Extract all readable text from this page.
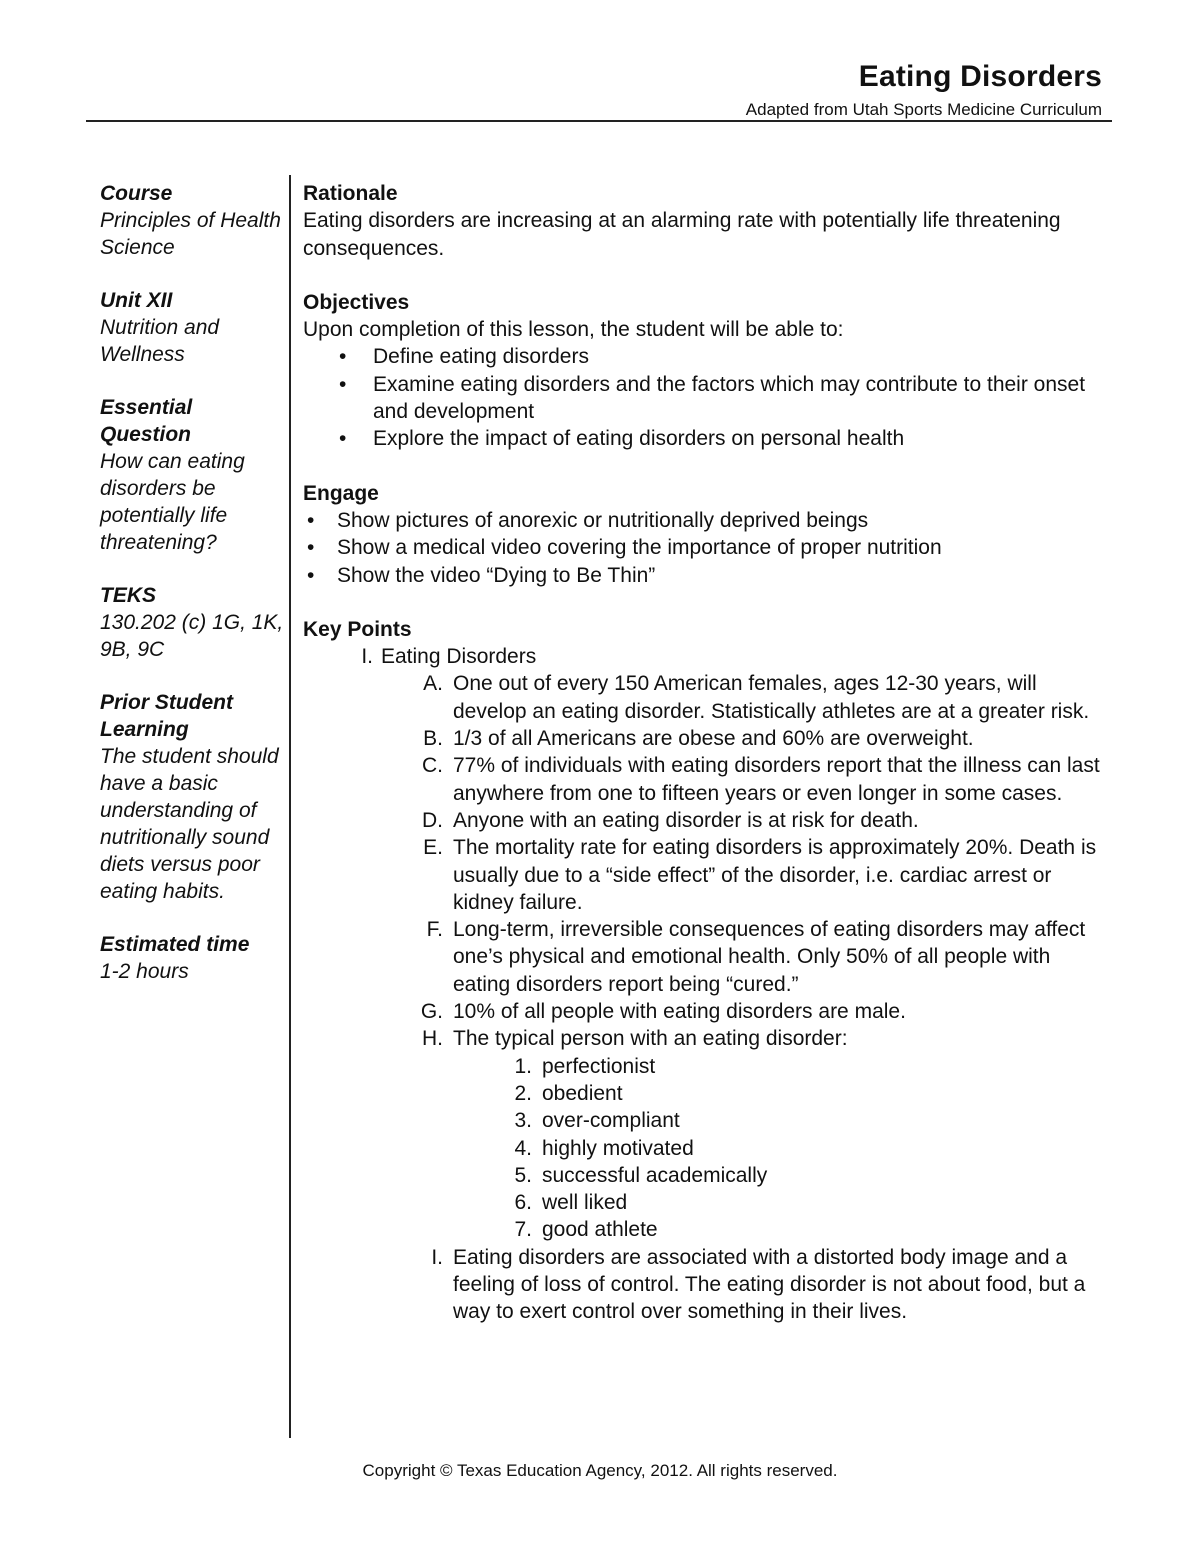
Eating Disorders

Adapted from Utah Sports Medicine Curriculum

Course
Principles of Health Science
Unit XII
Nutrition and Wellness
Essential Question
How can eating disorders be potentially life threatening?
TEKS
130.202 (c) 1G, 1K, 9B, 9C
Prior Student Learning
The student should have a basic understanding of nutritionally sound diets versus poor eating habits.
Estimated time
1-2 hours
Rationale
Eating disorders are increasing at an alarming rate with potentially life threatening consequences.
Objectives
Upon completion of this lesson, the student will be able to:
• Define eating disorders
• Examine eating disorders and the factors which may contribute to their onset and development
• Explore the impact of eating disorders on personal health
Engage
• Show pictures of anorexic or nutritionally deprived beings
• Show a medical video covering the importance of proper nutrition
• Show the video “Dying to Be Thin”
Key Points
I. Eating Disorders
A. One out of every 150 American females, ages 12-30 years, will develop an eating disorder. Statistically athletes are at a greater risk.
B. 1/3 of all Americans are obese and 60% are overweight.
C. 77% of individuals with eating disorders report that the illness can last anywhere from one to fifteen years or even longer in some cases.
D. Anyone with an eating disorder is at risk for death.
E. The mortality rate for eating disorders is approximately 20%. Death is usually due to a “side effect” of the disorder, i.e. cardiac arrest or kidney failure.
F. Long-term, irreversible consequences of eating disorders may affect one’s physical and emotional health. Only 50% of all people with eating disorders report being “cured.”
G. 10% of all people with eating disorders are male.
H. The typical person with an eating disorder:
1. perfectionist
2. obedient
3. over-compliant
4. highly motivated
5. successful academically
6. well liked
7. good athlete
I. Eating disorders are associated with a distorted body image and a feeling of loss of control. The eating disorder is not about food, but a way to exert control over something in their lives.
Copyright © Texas Education Agency, 2012. All rights reserved.
